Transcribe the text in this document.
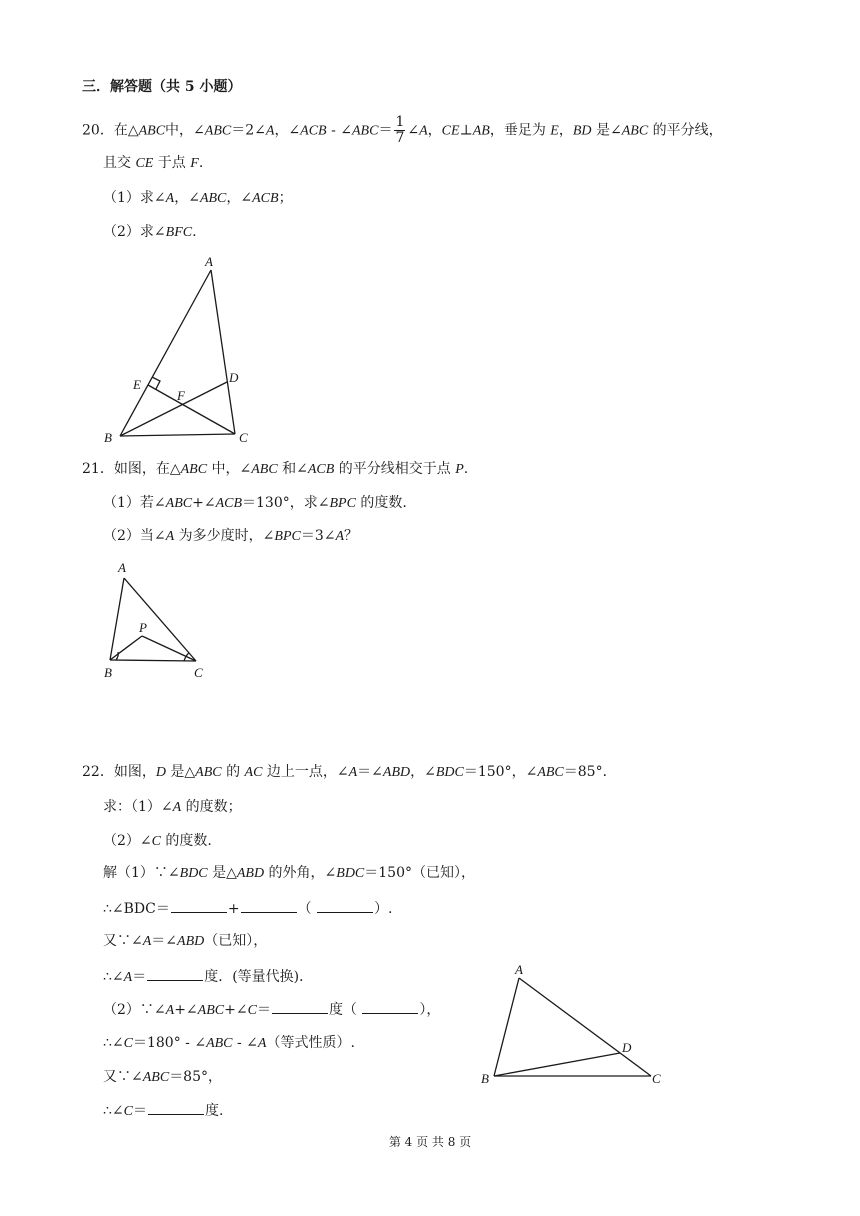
三．解答题（共 5 小题）
20．在△ABC中，∠ABC＝2∠A，∠ACB - ∠ABC＝ $\frac{1}{7}$ ∠A，CE⊥AB，垂足为 E，BD 是∠ABC 的平分线，
且交 CE 于点 F.
（1）求∠A，∠ABC，∠ACB；
（2）求∠BFC.
A
B	C
D
E
F
21．如图，在△ABC 中，∠ABC 和∠ACB 的平分线相交于点 P.
（1）若∠ABC+∠ACB＝130°，求∠BPC 的度数.
（2）当∠A 为多少度时，∠BPC＝3∠A？
A
B	C
P
22．如图，D 是△ABC 的 AC 边上一点，∠A＝∠ABD，∠BDC＝150°，∠ABC＝85°．
求：（1）∠A 的度数；
（2）∠C 的度数.
解（1）∵∠BDC 是△ABD 的外角，∠BDC＝150°（已知），
∴∠BDC＝	+	（	）.
又∵∠A＝∠ABD（已知），
∴∠A＝	度．(等量代换)．
（2）∵∠A+∠ABC+∠C＝	度（	），
∴∠C＝180° - ∠ABC - ∠A（等式性质）.
又∵∠ABC＝85°，
∴∠C＝	度.
A
B	C
D
第 4 页 共 8 页
